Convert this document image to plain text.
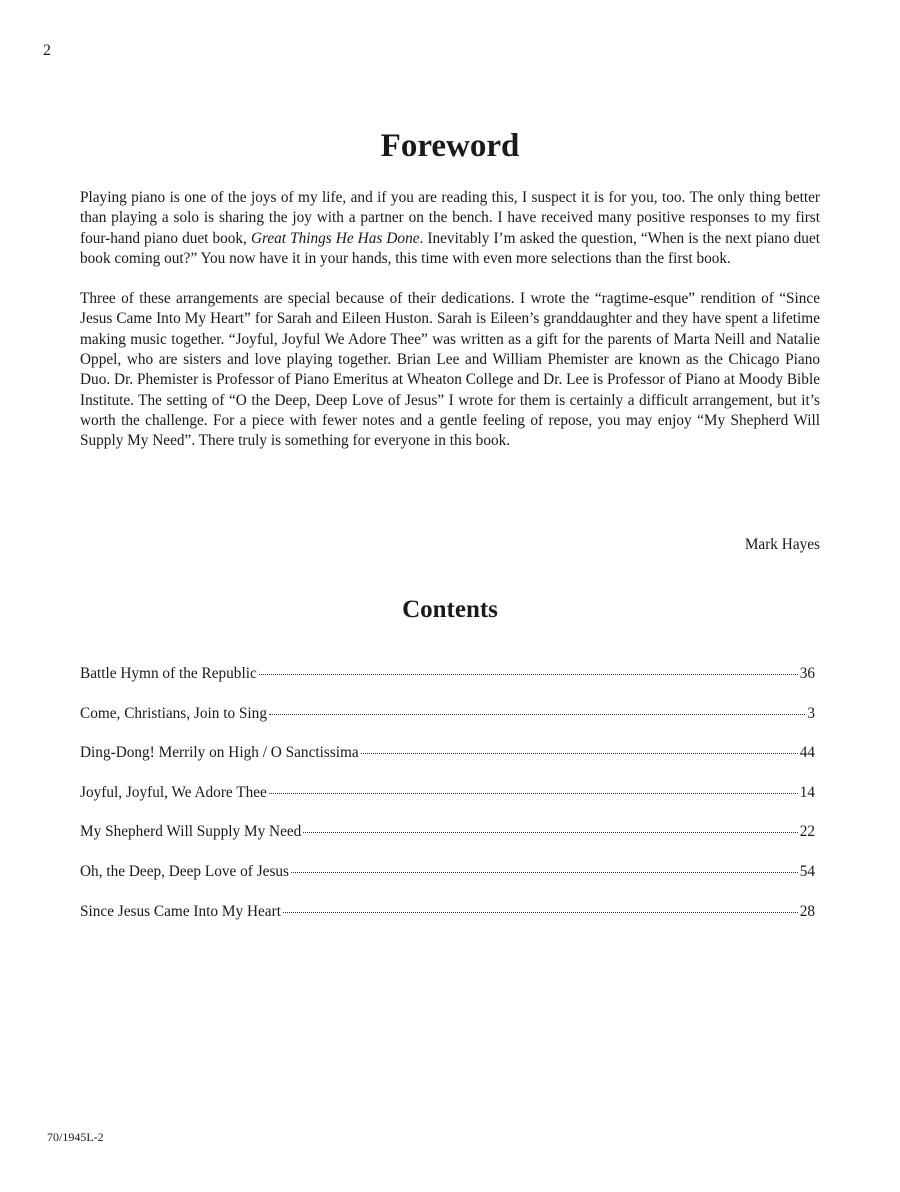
2
Foreword

Playing piano is one of the joys of my life, and if you are reading this, I suspect it is for you, too. The only thing better than playing a solo is sharing the joy with a partner on the bench. I have received many positive responses to my first four-hand piano duet book, Great Things He Has Done. Inevitably I’m asked the question, “When is the next piano duet book coming out?” You now have it in your hands, this time with even more selections than the first book.

Three of these arrangements are special because of their dedications. I wrote the “ragtime-esque” rendition of “Since Jesus Came Into My Heart” for Sarah and Eileen Huston. Sarah is Eileen’s granddaughter and they have spent a lifetime making music together. “Joyful, Joyful We Adore Thee” was written as a gift for the parents of Marta Neill and Natalie Oppel, who are sisters and love playing together. Brian Lee and William Phemister are known as the Chicago Piano Duo. Dr. Phemister is Professor of Piano Emeritus at Wheaton College and Dr. Lee is Professor of Piano at Moody Bible Institute. The setting of “O the Deep, Deep Love of Jesus” I wrote for them is certainly a difficult arrangement, but it’s worth the challenge. For a piece with fewer notes and a gentle feeling of repose, you may enjoy “My Shepherd Will Supply My Need”. There truly is something for everyone in this book.

Mark Hayes
Contents
Battle Hymn of the Republic	36
Come, Christians, Join to Sing	3
Ding-Dong! Merrily on High / O Sanctissima	44
Joyful, Joyful, We Adore Thee	14
My Shepherd Will Supply My Need	22
Oh, the Deep, Deep Love of Jesus	54
Since Jesus Came Into My Heart	28
70/1945L-2
